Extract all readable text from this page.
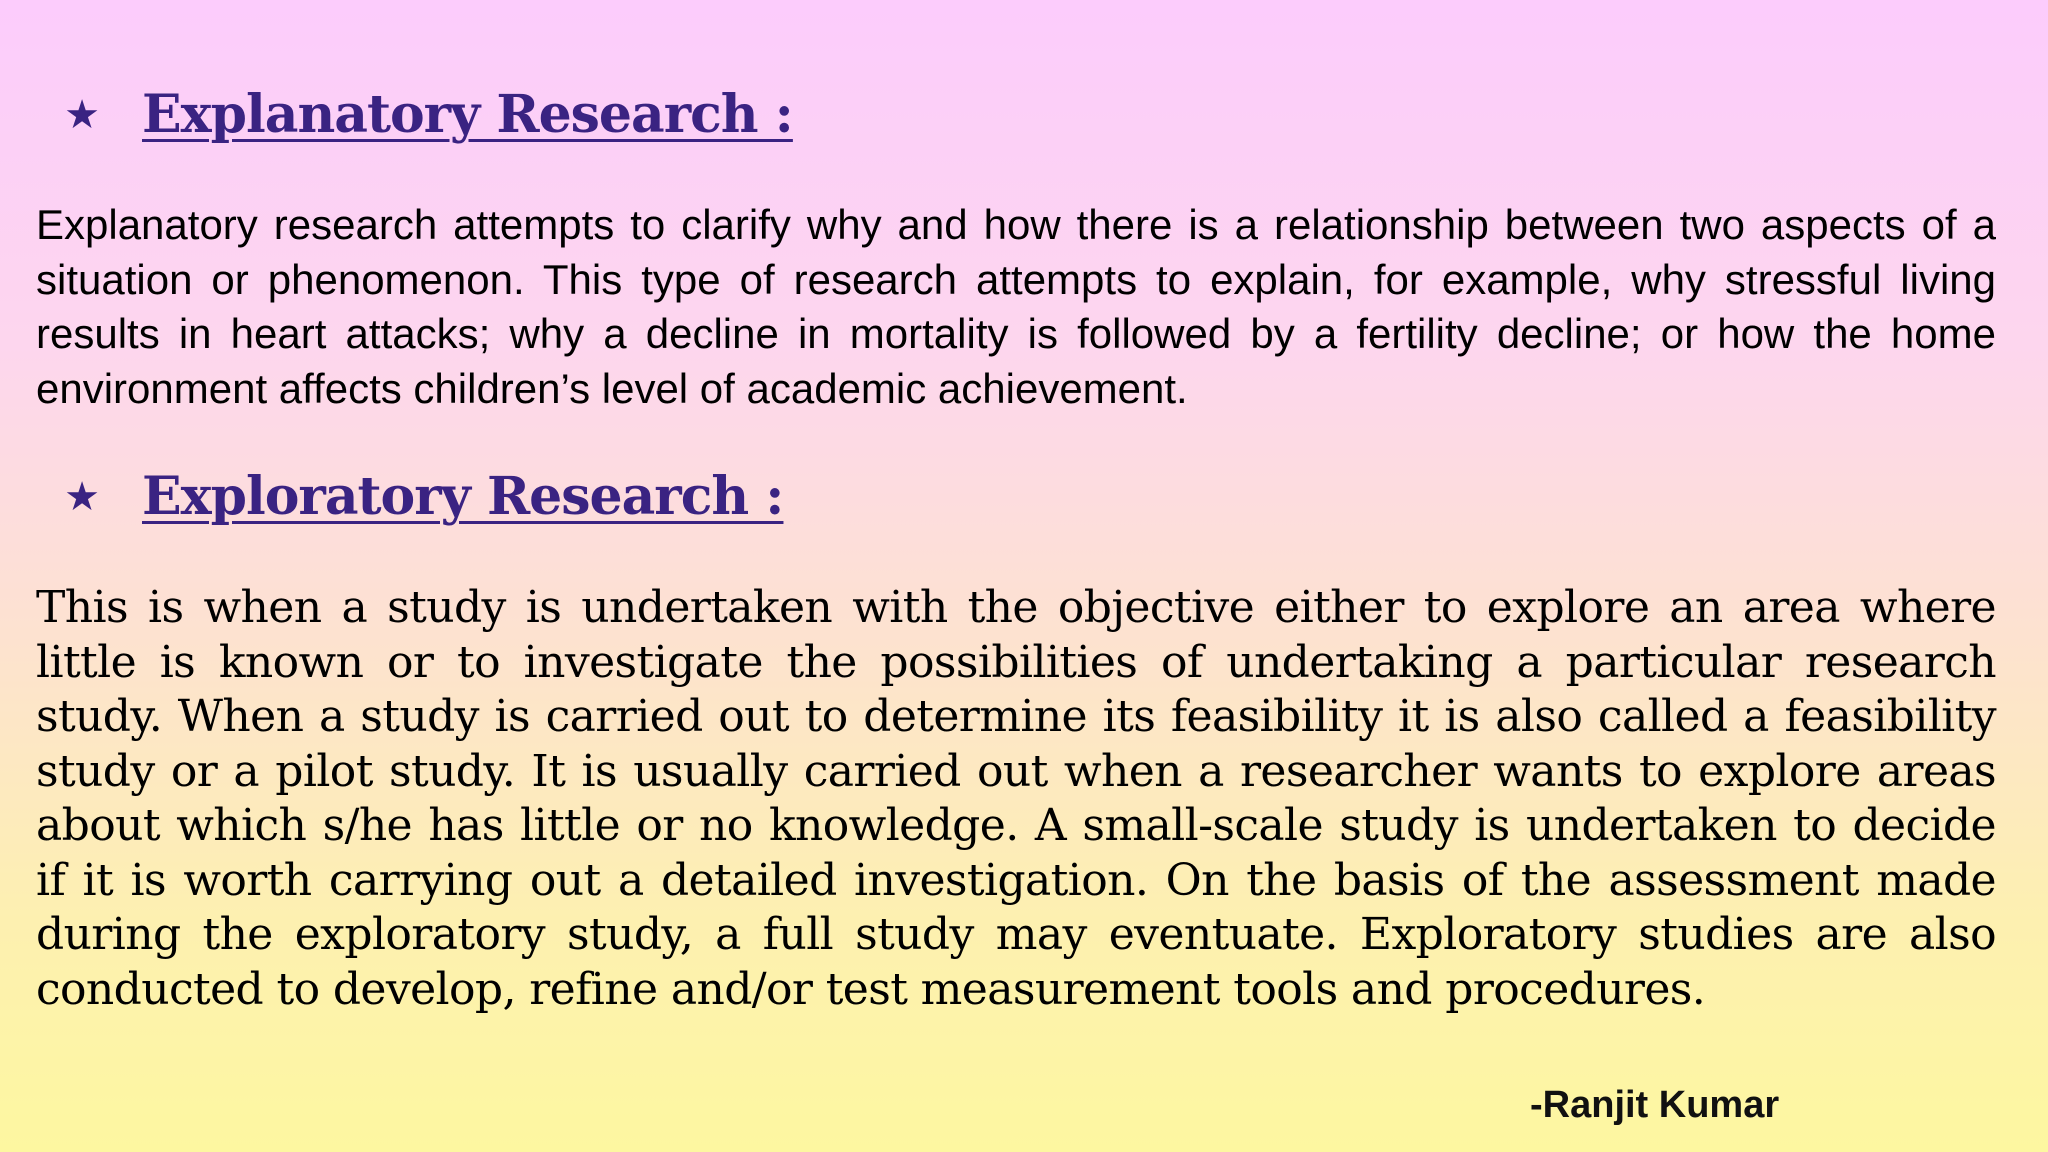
★ Explanatory Research :

Explanatory research attempts to clarify why and how there is a relationship between two aspects of a situation or phenomenon. This type of research attempts to explain, for example, why stressful living results in heart attacks; why a decline in mortality is followed by a fertility decline; or how the home environment affects children’s level of academic achievement.

★ Exploratory Research :

This is when a study is undertaken with the objective either to explore an area where little is known or to investigate the possibilities of undertaking a particular research study. When a study is carried out to determine its feasibility it is also called a feasibility study or a pilot study. It is usually carried out when a researcher wants to explore areas about which s/he has little or no knowledge. A small-scale study is undertaken to decide if it is worth carrying out a detailed investigation. On the basis of the assessment made during the exploratory study, a full study may eventuate. Exploratory studies are also conducted to develop, refine and/or test measurement tools and procedures.

-Ranjit Kumar
